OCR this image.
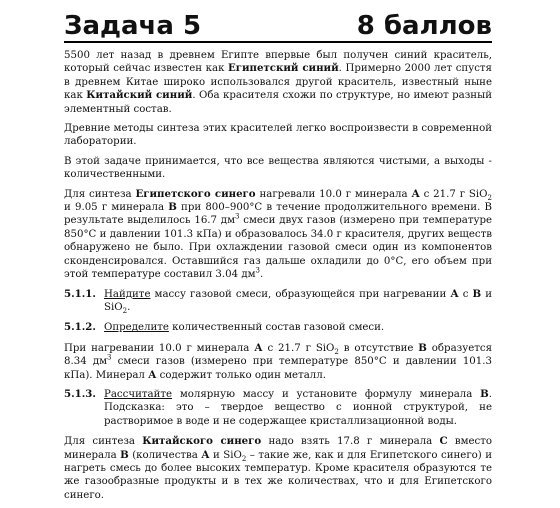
Задача 5	8 баллов

5500 лет назад в древнем Египте впервые был получен синий краситель, который сейчас известен как Египетский синий. Примерно 2000 лет спустя в древнем Китае широко использовался другой краситель, известный ныне как Китайский синий. Оба красителя схожи по структуре, но имеют разный элементный состав.

Древние методы синтеза этих красителей легко воспроизвести в современной лаборатории.

В этой задаче принимается, что все вещества являются чистыми, а выходы - количественными.

Для синтеза Египетского синего нагревали 10.0 г минерала А с 21.7 г SiO$_2$ и 9.05 г минерала В при 800–900°С в течение продолжительного времени. В результате выделилось 16.7 $дм^3$ смеси двух газов (измерено при температуре 850°С и давлении 101.3 кПа) и образовалось 34.0 г красителя, других веществ обнаружено не было. При охлаждении газовой смеси один из компонентов сконденсировался. Оставшийся газ дальше охладили до 0°С, его объем при этой температуре составил 3.04 $дм^3$.

5.1.1. Найдите массу газовой смеси, образующейся при нагревании А с В и SiO$_2$.
5.1.2. Определите количественный состав газовой смеси.

При нагревании 10.0 г минерала А с 21.7 г SiO$_2$ в отсутствие В образуется 8.34 $дм^3$ смеси газов (измерено при температуре 850°С и давлении 101.3 кПа). Минерал А содержит только один металл.

5.1.3. Рассчитайте молярную массу и установите формулу минерала В. Подсказка: это – твердое вещество с ионной структурой, не растворимое в воде и не содержащее кристаллизационной воды.

Для синтеза Китайского синего надо взять 17.8 г минерала С вместо минерала В (количества А и SiO$_2$ – такие же, как и для Египетского синего) и нагреть смесь до более высоких температур. Кроме красителя образуются те же газообразные продукты и в тех же количествах, что и для Египетского синего.
